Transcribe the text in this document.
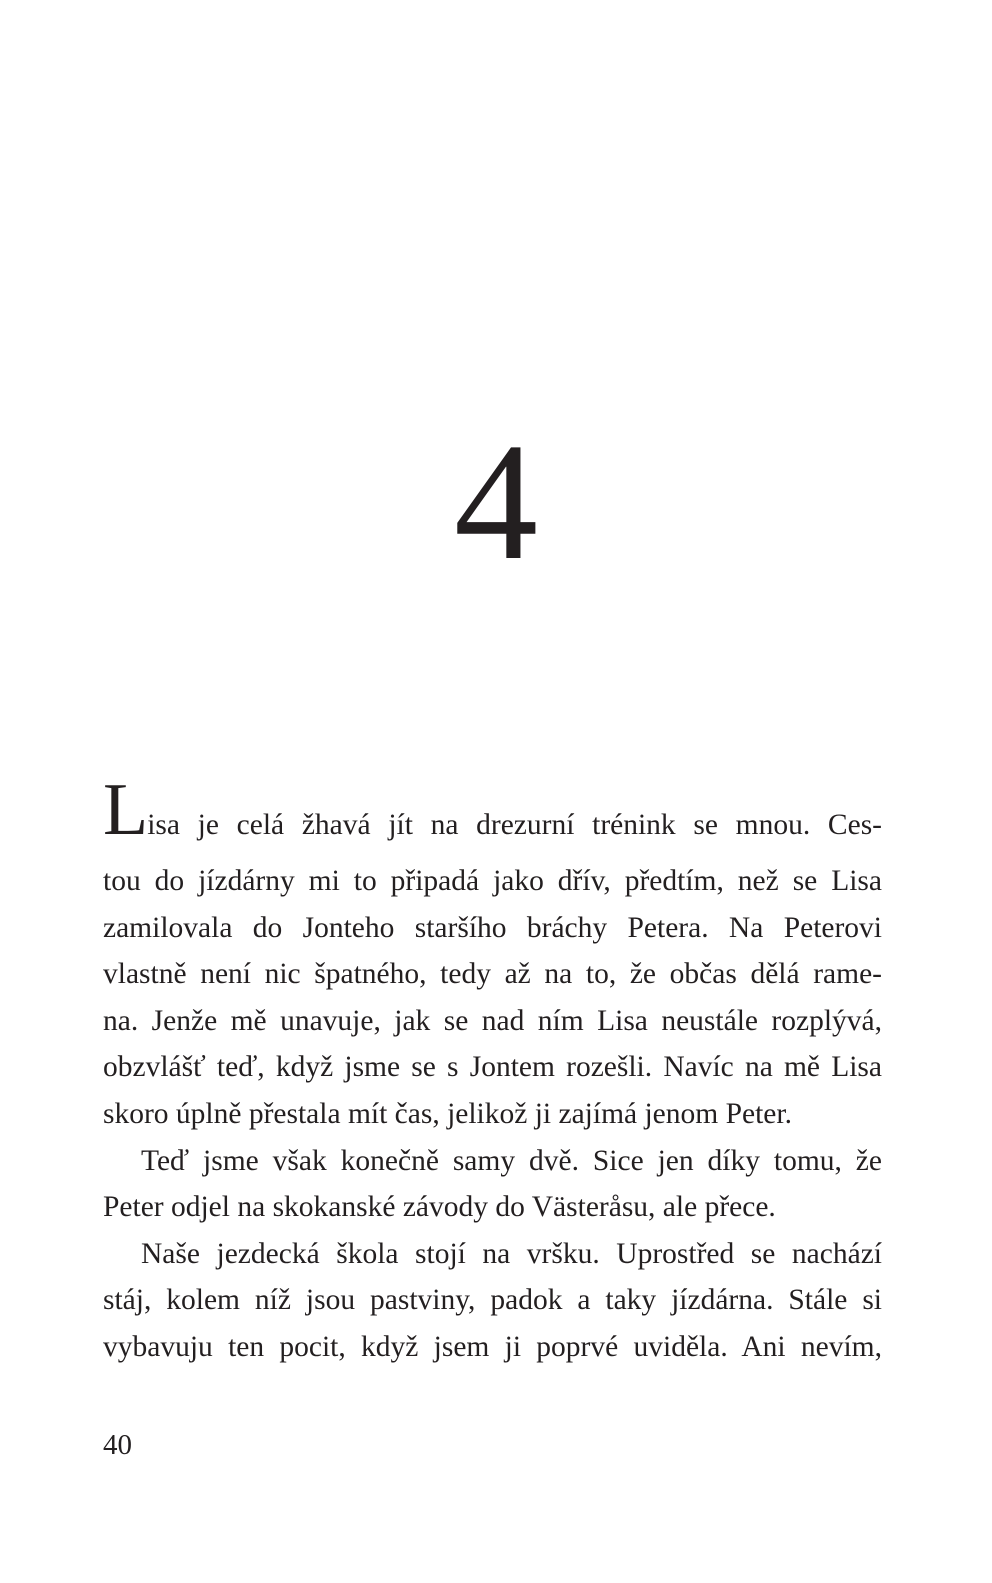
4
Lisa je celá žhavá jít na drezurní trénink se mnou. Ces-
tou do jízdárny mi to připadá jako dřív, předtím, než se Lisa
zamilovala do Jonteho staršího bráchy Petera. Na Peterovi
vlastně není nic špatného, tedy až na to, že občas dělá rame-
na. Jenže mě unavuje, jak se nad ním Lisa neustále rozplývá,
obzvlášť teď, když jsme se s Jontem rozešli. Navíc na mě Lisa
skoro úplně přestala mít čas, jelikož ji zajímá jenom Peter.
Teď jsme však konečně samy dvě. Sice jen díky tomu, že
Peter odjel na skokanské závody do Västeråsu, ale přece.
Naše jezdecká škola stojí na vršku. Uprostřed se nachází
stáj, kolem níž jsou pastviny, padok a taky jízdárna. Stále si
vybavuju ten pocit, když jsem ji poprvé uviděla. Ani nevím,
40
